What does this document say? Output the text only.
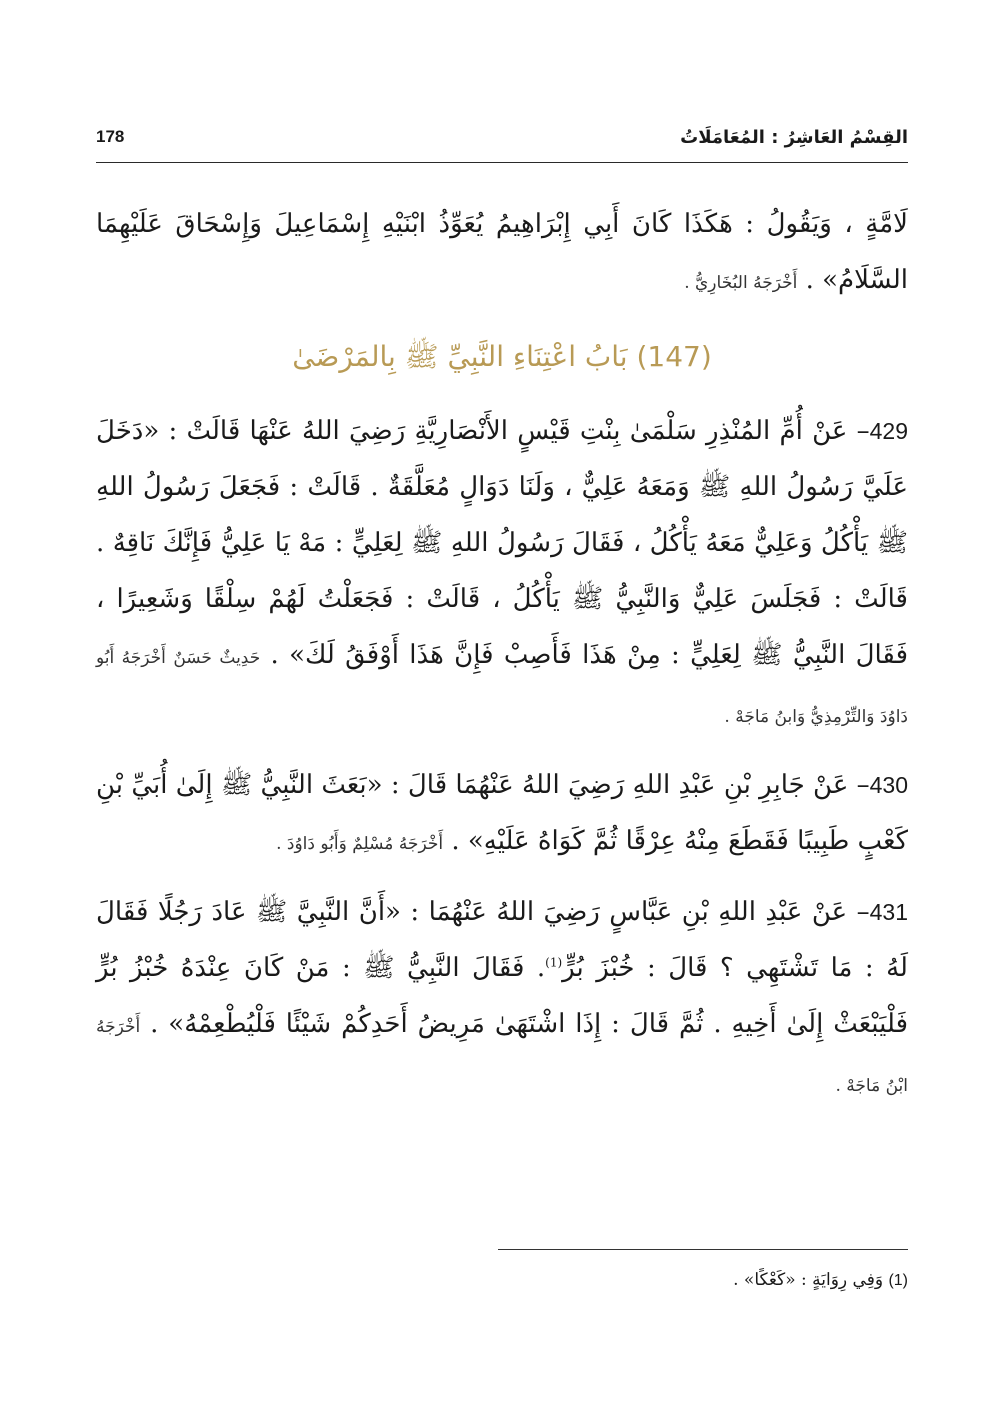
القِسْمُ العَاشِرُ : المُعَامَلَاتُ
178

لَامَّةٍ ، وَيَقُولُ : هَكَذَا كَانَ أَبِي إِبْرَاهِيمُ يُعَوِّذُ ابْنَيْهِ إِسْمَاعِيلَ وَإِسْحَاقَ عَلَيْهِمَا السَّلَامُ» . أَخْرَجَهُ البُخَارِيُّ .

(147) بَابُ اعْتِنَاءِ النَّبِيِّ ﷺ بِالمَرْضَىٰ

429– عَنْ أُمِّ المُنْذِرِ سَلْمَىٰ بِنْتِ قَيْسٍ الأَنْصَارِيَّةِ رَضِيَ اللهُ عَنْهَا قَالَتْ : «دَخَلَ عَلَيَّ رَسُولُ اللهِ ﷺ وَمَعَهُ عَلِيٌّ ، وَلَنَا دَوَالٍ مُعَلَّقَةٌ . قَالَتْ : فَجَعَلَ رَسُولُ اللهِ ﷺ يَأْكُلُ وَعَلِيٌّ مَعَهُ يَأْكُلُ ، فَقَالَ رَسُولُ اللهِ ﷺ لِعَلِيٍّ : مَهْ يَا عَلِيُّ فَإِنَّكَ نَاقِهٌ . قَالَتْ : فَجَلَسَ عَلِيٌّ وَالنَّبِيُّ ﷺ يَأْكُلُ ، قَالَتْ : فَجَعَلْتُ لَهُمْ سِلْقًا وَشَعِيرًا ، فَقَالَ النَّبِيُّ ﷺ لِعَلِيٍّ : مِنْ هَذَا فَأَصِبْ فَإِنَّ هَذَا أَوْفَقُ لَكَ» . حَدِيثٌ حَسَنٌ أَخْرَجَهُ أَبُو دَاوُدَ وَالتِّرْمِذِيُّ وَابنُ مَاجَهْ .

430– عَنْ جَابِرِ بْنِ عَبْدِ اللهِ رَضِيَ اللهُ عَنْهُمَا قَالَ : «بَعَثَ النَّبِيُّ ﷺ إِلَىٰ أُبَيِّ بْنِ كَعْبٍ طَبِيبًا فَقَطَعَ مِنْهُ عِرْقًا ثُمَّ كَوَاهُ عَلَيْهِ» . أَخْرَجَهُ مُسْلِمٌ وَأَبُو دَاوُدَ .

431– عَنْ عَبْدِ اللهِ بْنِ عَبَّاسٍ رَضِيَ اللهُ عَنْهُمَا : «أَنَّ النَّبِيَّ ﷺ عَادَ رَجُلًا فَقَالَ لَهُ : مَا تَشْتَهِي ؟ قَالَ : خُبْزَ بُرٍّ$^{(1)}$. فَقَالَ النَّبِيُّ ﷺ : مَنْ كَانَ عِنْدَهُ خُبْزُ بُرٍّ فَلْيَبْعَثْ إِلَىٰ أَخِيهِ . ثُمَّ قَالَ : إِذَا اشْتَهَىٰ مَرِيضُ أَحَدِكُمْ شَيْئًا فَلْيُطْعِمْهُ» . أَخْرَجَهُ ابْنُ مَاجَهْ .

(1) وَفِي رِوَايَةٍ : «كَعْكًا» .
